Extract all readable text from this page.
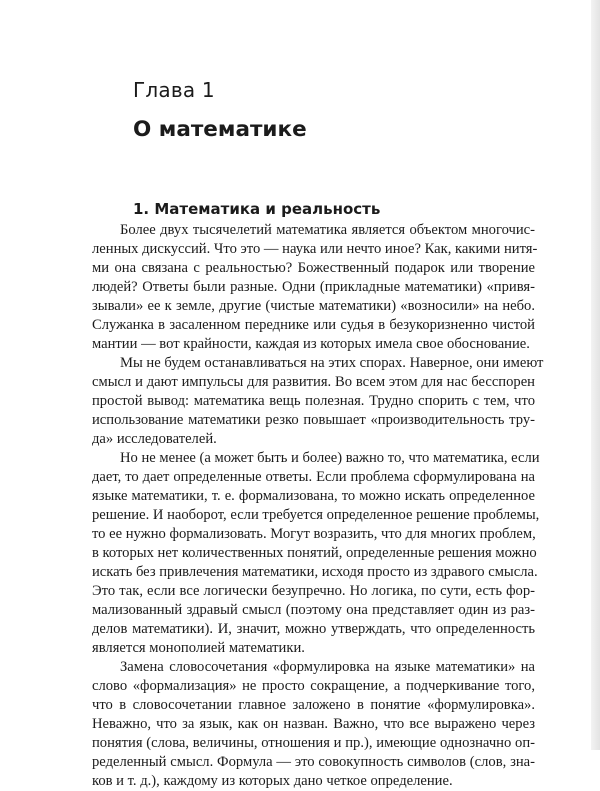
Глава 1
О математике
1. Математика и реальность
Более двух тысячелетий математика является объектом многочис-
ленных дискуссий. Что это — наука или нечто иное? Как, какими нитя-
ми она связана с реальностью? Божественный подарок или творение
людей? Ответы были разные. Одни (прикладные математики) «привя-
зывали» ее к земле, другие (чистые математики) «возносили» на небо.
Служанка в засаленном переднике или судья в безукоризненно чистой
мантии — вот крайности, каждая из которых имела свое обоснование.
Мы не будем останавливаться на этих спорах. Наверное, они имеют
смысл и дают импульсы для развития. Во всем этом для нас бесспорен
простой вывод: математика вещь полезная. Трудно спорить с тем, что
использование математики резко повышает «производительность тру-
да» исследователей.
Но не менее (а может быть и более) важно то, что математика, если
дает, то дает определенные ответы. Если проблема сформулирована на
языке математики, т. е. формализована, то можно искать определенное
решение. И наоборот, если требуется определенное решение проблемы,
то ее нужно формализовать. Могут возразить, что для многих проблем,
в которых нет количественных понятий, определенные решения можно
искать без привлечения математики, исходя просто из здравого смысла.
Это так, если все логически безупречно. Но логика, по сути, есть фор-
мализованный здравый смысл (поэтому она представляет один из раз-
делов математики). И, значит, можно утверждать, что определенность
является монополией математики.
Замена словосочетания «формулировка на языке математики» на
слово «формализация» не просто сокращение, а подчеркивание того,
что в словосочетании главное заложено в понятие «формулировка».
Неважно, что за язык, как он назван. Важно, что все выражено через
понятия (слова, величины, отношения и пр.), имеющие однозначно оп-
ределенный смысл. Формула — это совокупность символов (слов, зна-
ков и т. д.), каждому из которых дано четкое определение.
